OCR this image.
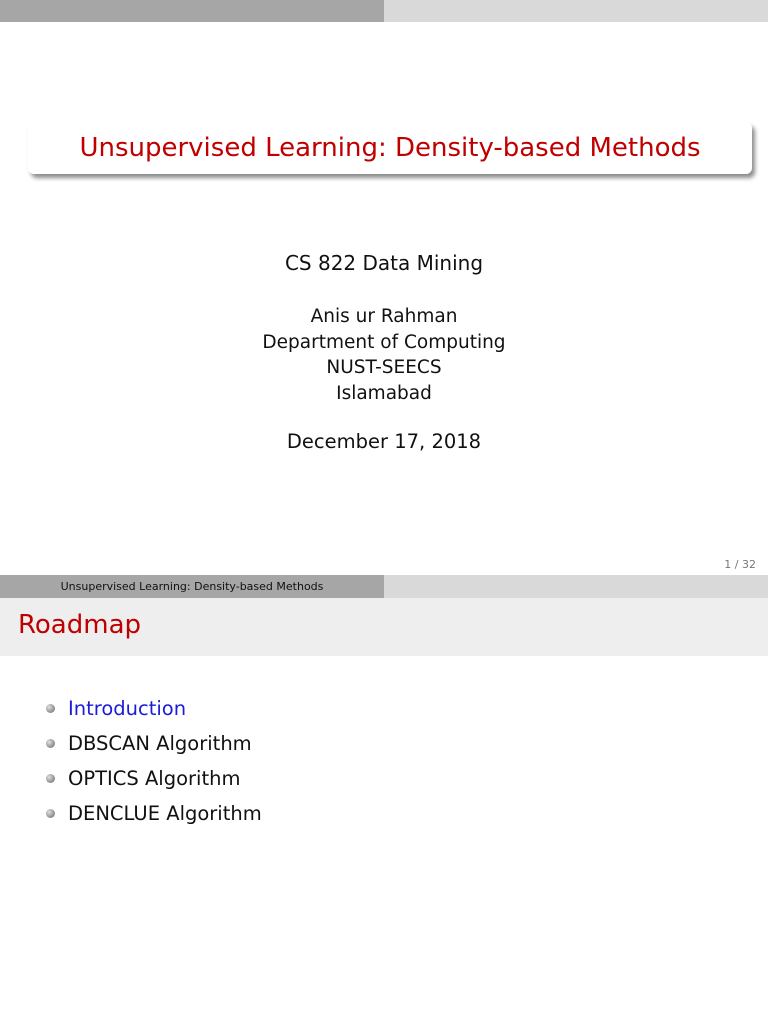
Unsupervised Learning: Density-based Methods
CS 822 Data Mining
Anis ur Rahman
Department of Computing
NUST-SEECS
Islamabad
December 17, 2018
1 / 32
Unsupervised Learning: Density-based Methods
Roadmap
Introduction
DBSCAN Algorithm
OPTICS Algorithm
DENCLUE Algorithm
